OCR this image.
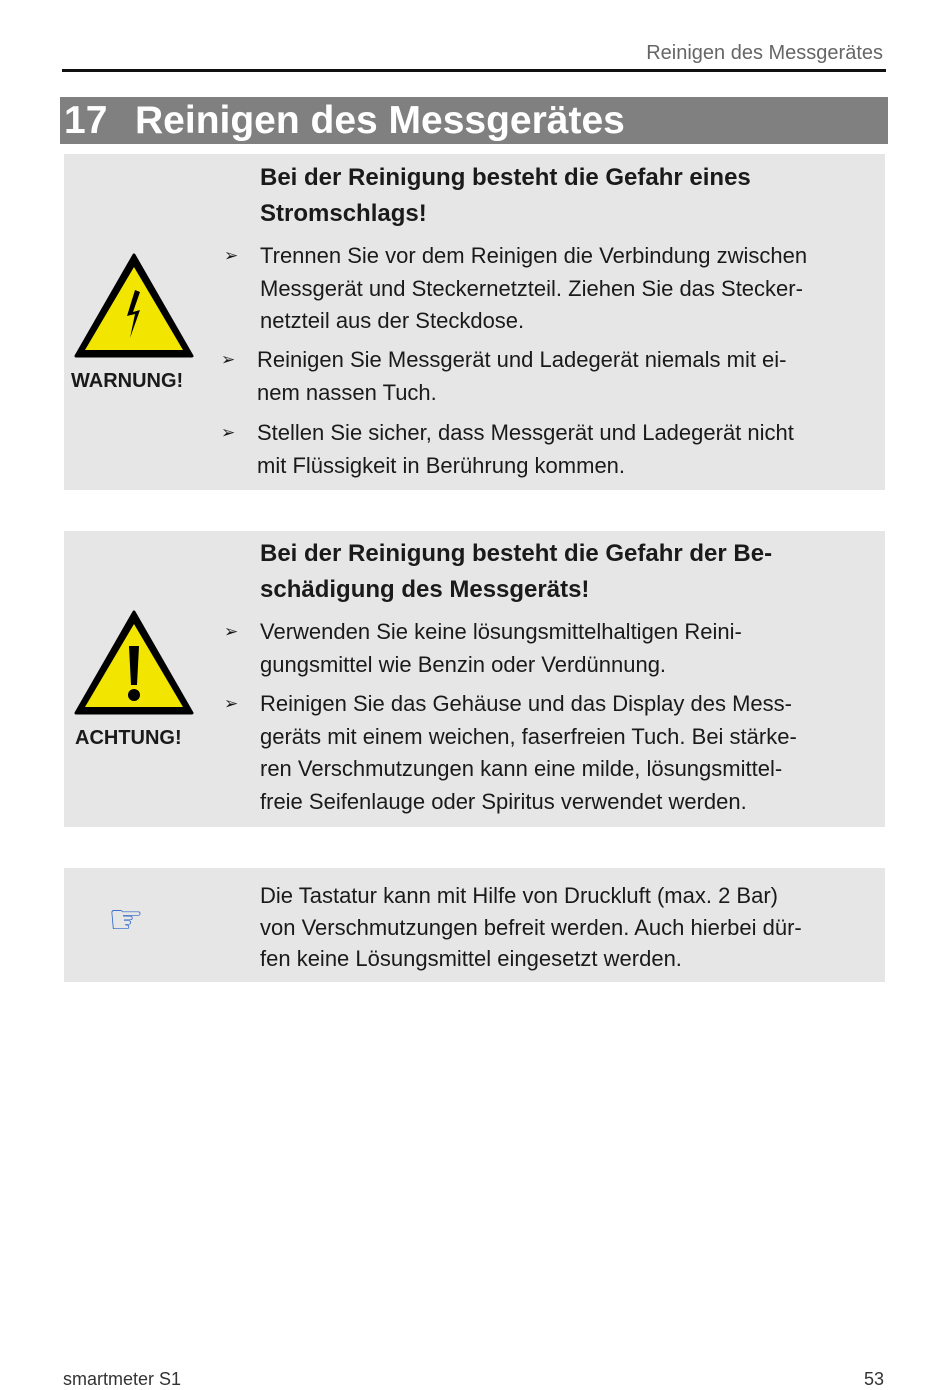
Reinigen des Messgerätes
17 Reinigen des Messgerätes
WARNUNG!
Bei der Reinigung besteht die Gefahr eines
Stromschlags!
➢ Trennen Sie vor dem Reinigen die Verbindung zwischen
Messgerät und Steckernetzteil. Ziehen Sie das Stecker-
netzteil aus der Steckdose.
➢ Reinigen Sie Messgerät und Ladegerät niemals mit ei-
nem nassen Tuch.
➢ Stellen Sie sicher, dass Messgerät und Ladegerät nicht
mit Flüssigkeit in Berührung kommen.
ACHTUNG!
Bei der Reinigung besteht die Gefahr der Be-
schädigung des Messgeräts!
➢ Verwenden Sie keine lösungsmittelhaltigen Reini-
gungsmittel wie Benzin oder Verdünnung.
➢ Reinigen Sie das Gehäuse und das Display des Mess-
geräts mit einem weichen, faserfreien Tuch. Bei stärke-
ren Verschmutzungen kann eine milde, lösungsmittel-
freie Seifenlauge oder Spiritus verwendet werden.
☞
Die Tastatur kann mit Hilfe von Druckluft (max. 2 Bar)
von Verschmutzungen befreit werden. Auch hierbei dür-
fen keine Lösungsmittel eingesetzt werden.
smartmeter S1	53
